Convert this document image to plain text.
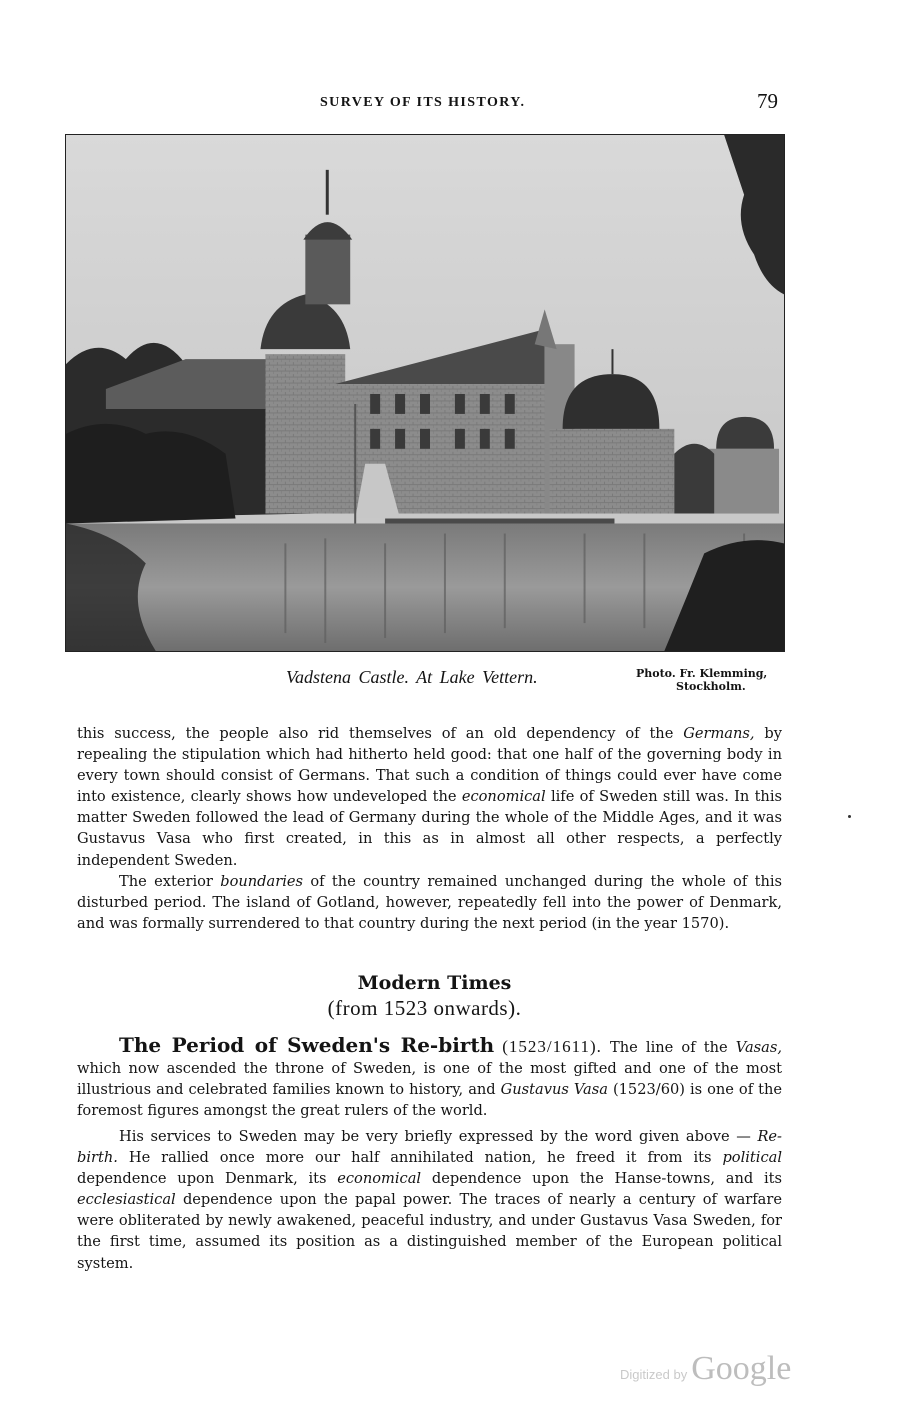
SURVEY OF ITS HISTORY.	79
Vadstena Castle. At Lake Vettern.	Photo. Fr. Klemming,
Stockholm.

this success, the people also rid themselves of an old dependency of the Germans, by repealing the stipulation which had hitherto held good: that one half of the governing body in every town should consist of Germans. That such a condition of things could ever have come into existence, clearly shows how undeveloped the economical life of Sweden still was. In this matter Sweden followed the lead of Germany during the whole of the Middle Ages, and it was Gustavus Vasa who first created, in this as in almost all other respects, a perfectly independent Sweden.

The exterior boundaries of the country remained unchanged during the whole of this disturbed period. The island of Gotland, however, repeatedly fell into the power of Denmark, and was formally surrendered to that country during the next period (in the year 1570).

Modern Times
(from 1523 onwards).

The Period of Sweden's Re-birth (1523/1611). The line of the Vasas, which now ascended the throne of Sweden, is one of the most gifted and one of the most illustrious and celebrated families known to history, and Gustavus Vasa (1523/60) is one of the foremost figures amongst the great rulers of the world.

His services to Sweden may be very briefly expressed by the word given above — Re-birth. He rallied once more our half annihilated nation, he freed it from its political dependence upon Denmark, its economical dependence upon the Hanse-towns, and its ecclesiastical dependence upon the papal power. The traces of nearly a century of warfare were obliterated by newly awakened, peaceful industry, and under Gustavus Vasa Sweden, for the first time, assumed its position as a distinguished member of the European political system.

Digitized by Google
